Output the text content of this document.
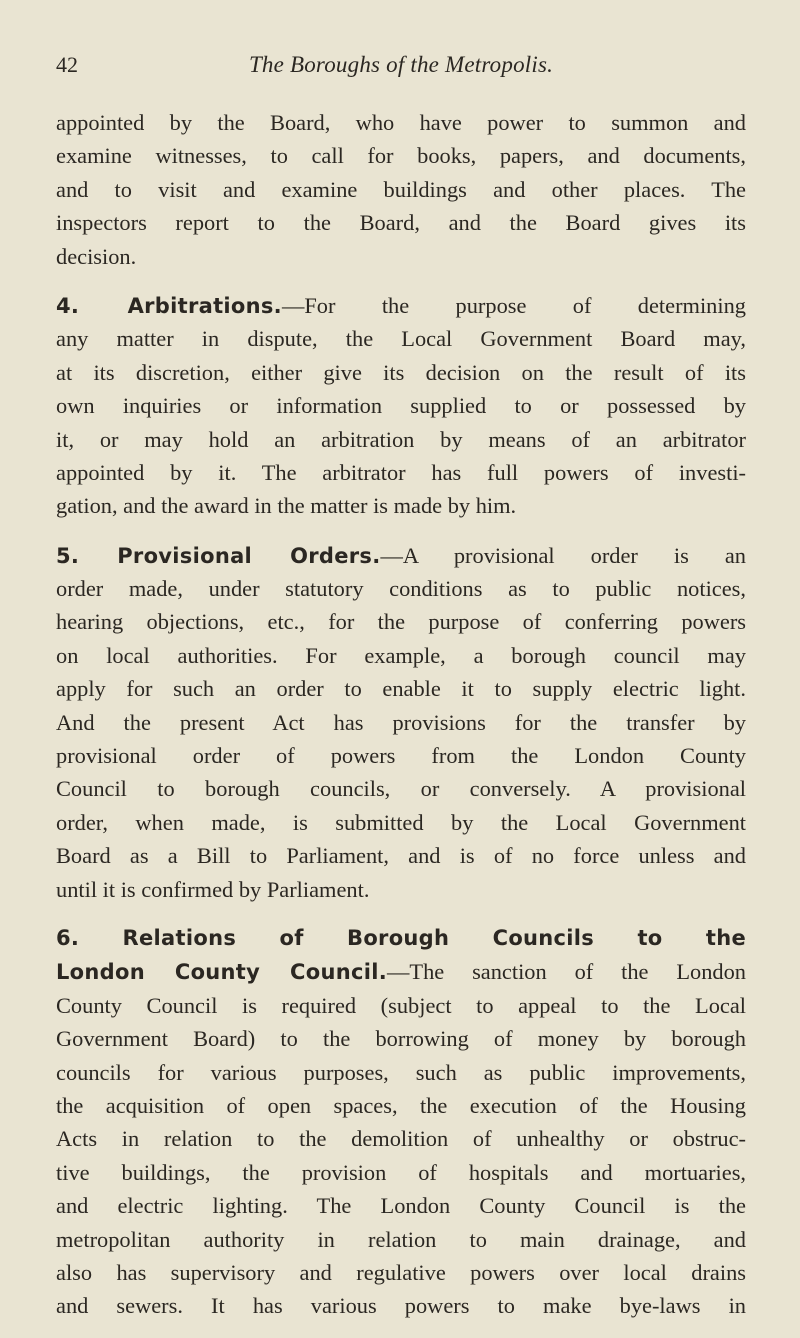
42	The Boroughs of the Metropolis.
appointed by the Board, who have power to summon and
examine witnesses, to call for books, papers, and documents,
and to visit and examine buildings and other places. The
inspectors report to the Board, and the Board gives its
decision.
4. Arbitrations.—For the purpose of determining
any matter in dispute, the Local Government Board may,
at its discretion, either give its decision on the result of its
own inquiries or information supplied to or possessed by
it, or may hold an arbitration by means of an arbitrator
appointed by it. The arbitrator has full powers of investi-
gation, and the award in the matter is made by him.
5. Provisional Orders.—A provisional order is an
order made, under statutory conditions as to public notices,
hearing objections, etc., for the purpose of conferring powers
on local authorities. For example, a borough council may
apply for such an order to enable it to supply electric light.
And the present Act has provisions for the transfer by
provisional order of powers from the London County
Council to borough councils, or conversely. A provisional
order, when made, is submitted by the Local Government
Board as a Bill to Parliament, and is of no force unless and
until it is confirmed by Parliament.
6. Relations of Borough Councils to the
London County Council.—The sanction of the London
County Council is required (subject to appeal to the Local
Government Board) to the borrowing of money by borough
councils for various purposes, such as public improvements,
the acquisition of open spaces, the execution of the Housing
Acts in relation to the demolition of unhealthy or obstruc-
tive buildings, the provision of hospitals and mortuaries,
and electric lighting. The London County Council is the
metropolitan authority in relation to main drainage, and
also has supervisory and regulative powers over local drains
and sewers. It has various powers to make bye-laws in
